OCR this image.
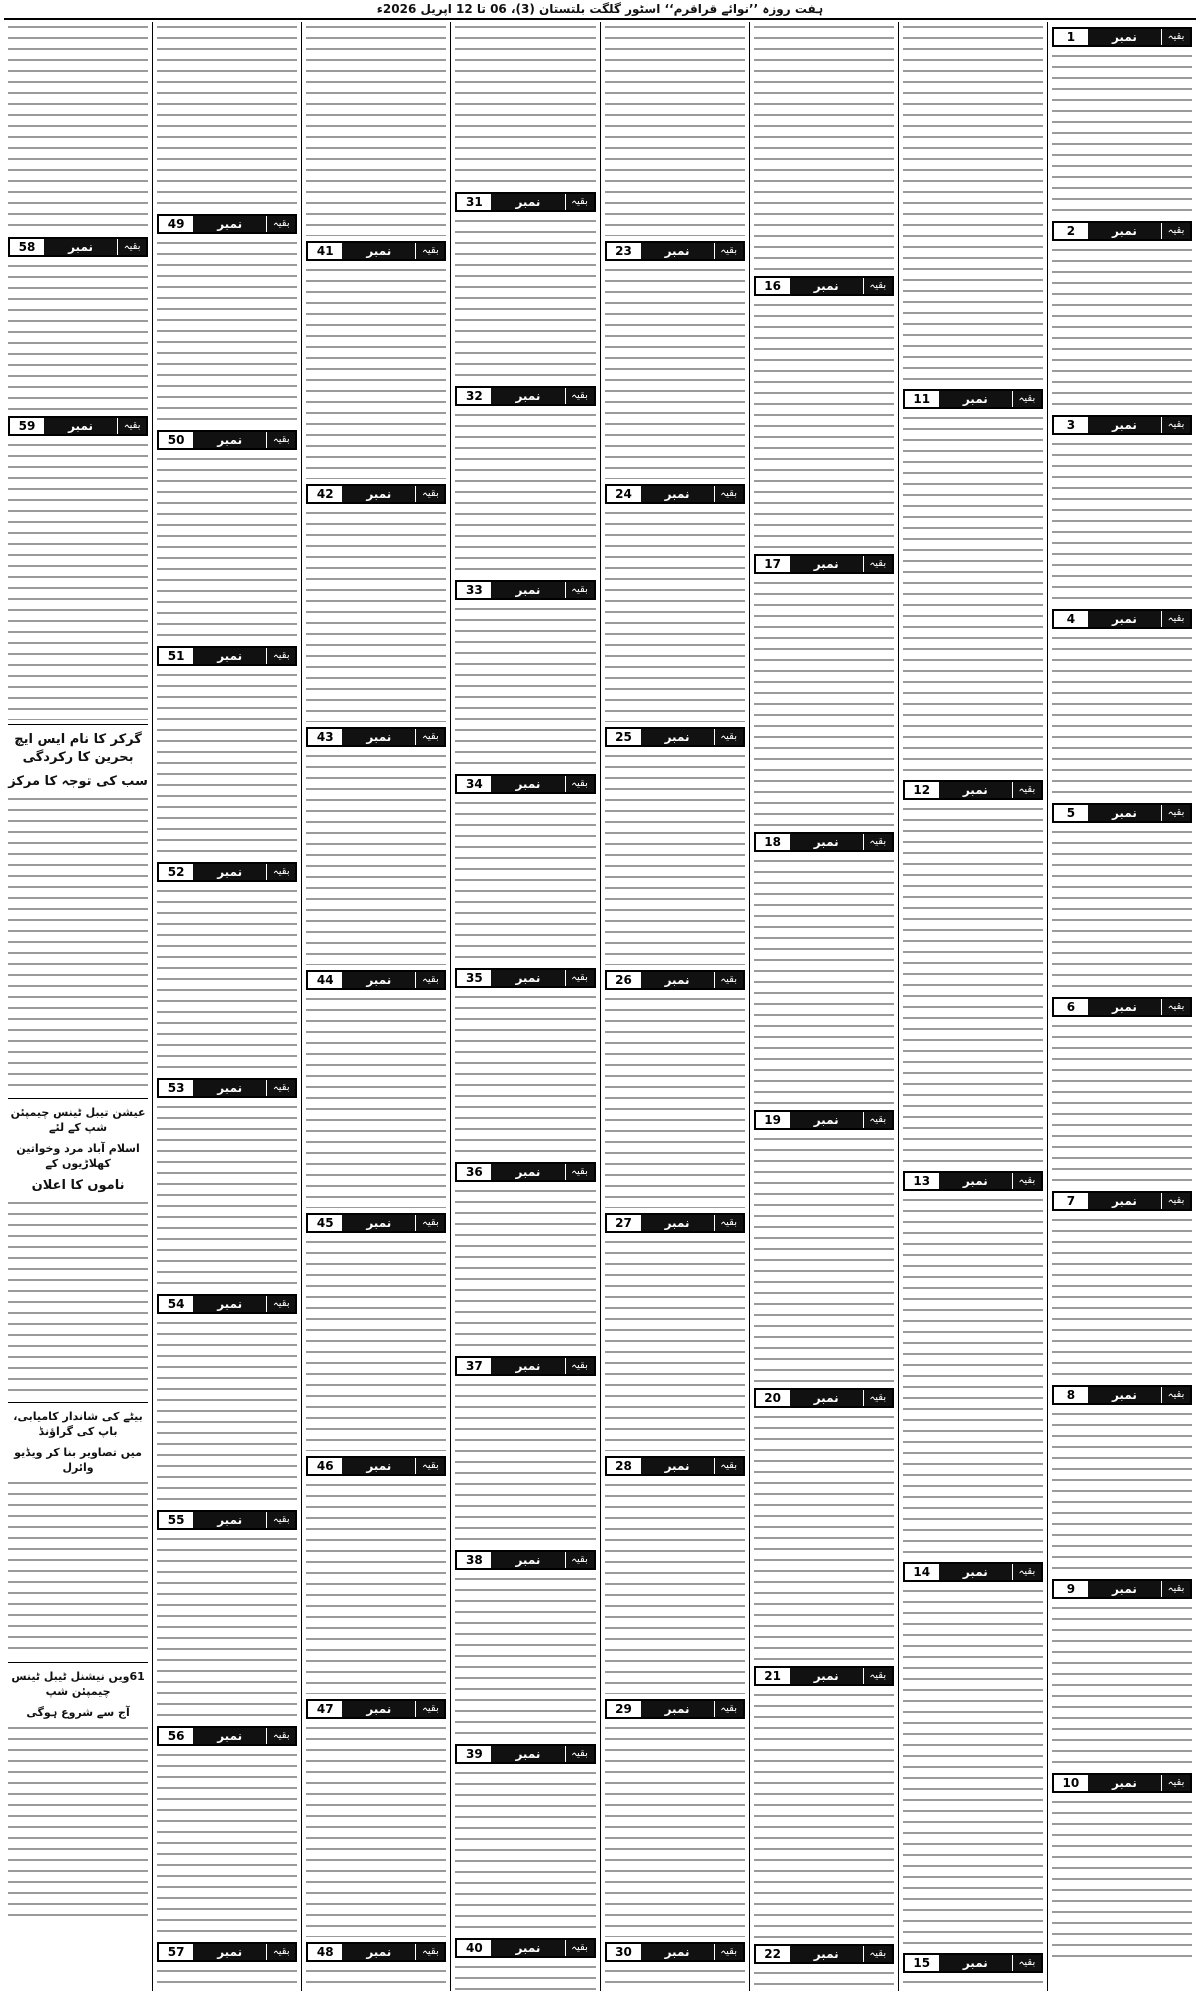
ہفت روزہ ’’نوائے قراقرم‘‘ اسٹور گلگت بلتستان (3)، 06 تا 12 اپریل 2026ء
بقیہ
نمبر
1
بقیہ
نمبر
2
بقیہ
نمبر
3
بقیہ
نمبر
4
بقیہ
نمبر
5
بقیہ
نمبر
6
بقیہ
نمبر
7
بقیہ
نمبر
8
بقیہ
نمبر
9
بقیہ
نمبر
10
بقیہ
نمبر
11
بقیہ
نمبر
12
بقیہ
نمبر
13
بقیہ
نمبر
14
بقیہ
نمبر
15
بقیہ
نمبر
16
بقیہ
نمبر
17
بقیہ
نمبر
18
بقیہ
نمبر
19
بقیہ
نمبر
20
بقیہ
نمبر
21
بقیہ
نمبر
22
بقیہ
نمبر
23
بقیہ
نمبر
24
بقیہ
نمبر
25
بقیہ
نمبر
26
بقیہ
نمبر
27
بقیہ
نمبر
28
بقیہ
نمبر
29
بقیہ
نمبر
30
بقیہ
نمبر
31
بقیہ
نمبر
32
بقیہ
نمبر
33
بقیہ
نمبر
34
بقیہ
نمبر
35
بقیہ
نمبر
36
بقیہ
نمبر
37
بقیہ
نمبر
38
بقیہ
نمبر
39
بقیہ
نمبر
40
بقیہ
نمبر
41
بقیہ
نمبر
42
بقیہ
نمبر
43
بقیہ
نمبر
44
بقیہ
نمبر
45
بقیہ
نمبر
46
بقیہ
نمبر
47
بقیہ
نمبر
48
بقیہ
نمبر
49
بقیہ
نمبر
50
بقیہ
نمبر
51
بقیہ
نمبر
52
بقیہ
نمبر
53
بقیہ
نمبر
54
بقیہ
نمبر
55
بقیہ
نمبر
56
بقیہ
نمبر
57
بقیہ
نمبر
58
بقیہ
نمبر
59
گرکر کا نام ایس ایچ بحرین کا رکردگی
سب کی توجہ کا مرکز
عیشن تیبل ٹینس چیمپئن شپ کے لئے
اسلام آباد مرد وخواتین کھلاڑیوں کے
ناموں کا اعلان
بیٹے کی شاندار کامیابی، باپ کی گراؤنڈ
میں تصاویر بنا کر ویڈیو وائرل
61ویں نیشنل ٹیبل ٹینس چیمپئن شپ
آج سے شروع ہوگی
